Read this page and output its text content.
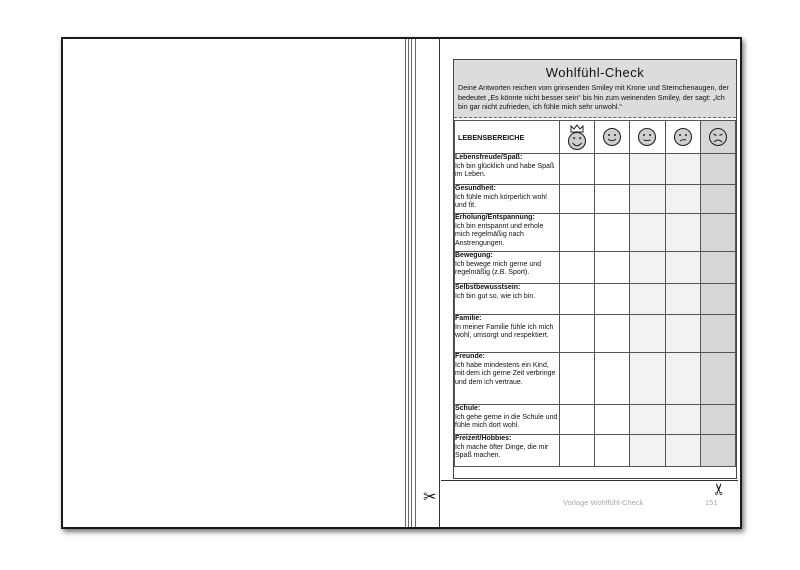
Wohlfühl-Check
Deine Antworten reichen vom grinsenden Smiley mit Krone und Sternchenaugen, der bedeutet „Es könnte nicht besser sein“ bis hin zum weinenden Smiley, der sagt: „Ich bin gar nicht zufrieden, ich fühle mich sehr unwohl.“
LEBENSBEREICHE	* *

Lebensfreude/Spaß:
Ich bin glücklich und habe Spaß im Leben.					
Gesundheit:
Ich fühle mich körperlich wohl und fit.					
Erholung/Entspannung:
Ich bin entspannt und erhole mich regelmäßig nach Anstrengungen.					
Bewegung:
Ich bewege mich gerne und regelmäßig (z.B. Sport).					
Selbstbewusstsein:
Ich bin gut so, wie ich bin.					
Familie:
In meiner Familie fühle ich mich wohl, umsorgt und respektiert.					
Freunde:
Ich habe mindestens ein Kind, mit dem ich gerne Zeit verbringe und dem ich vertraue.					
Schule:
Ich gehe gerne in die Schule und fühle mich dort wohl.					
Freizeit/Hobbies:
Ich mache öfter Dinge, die mir Spaß machen.					
✂	✂
Vorlage Wohlfühl-Check	151
